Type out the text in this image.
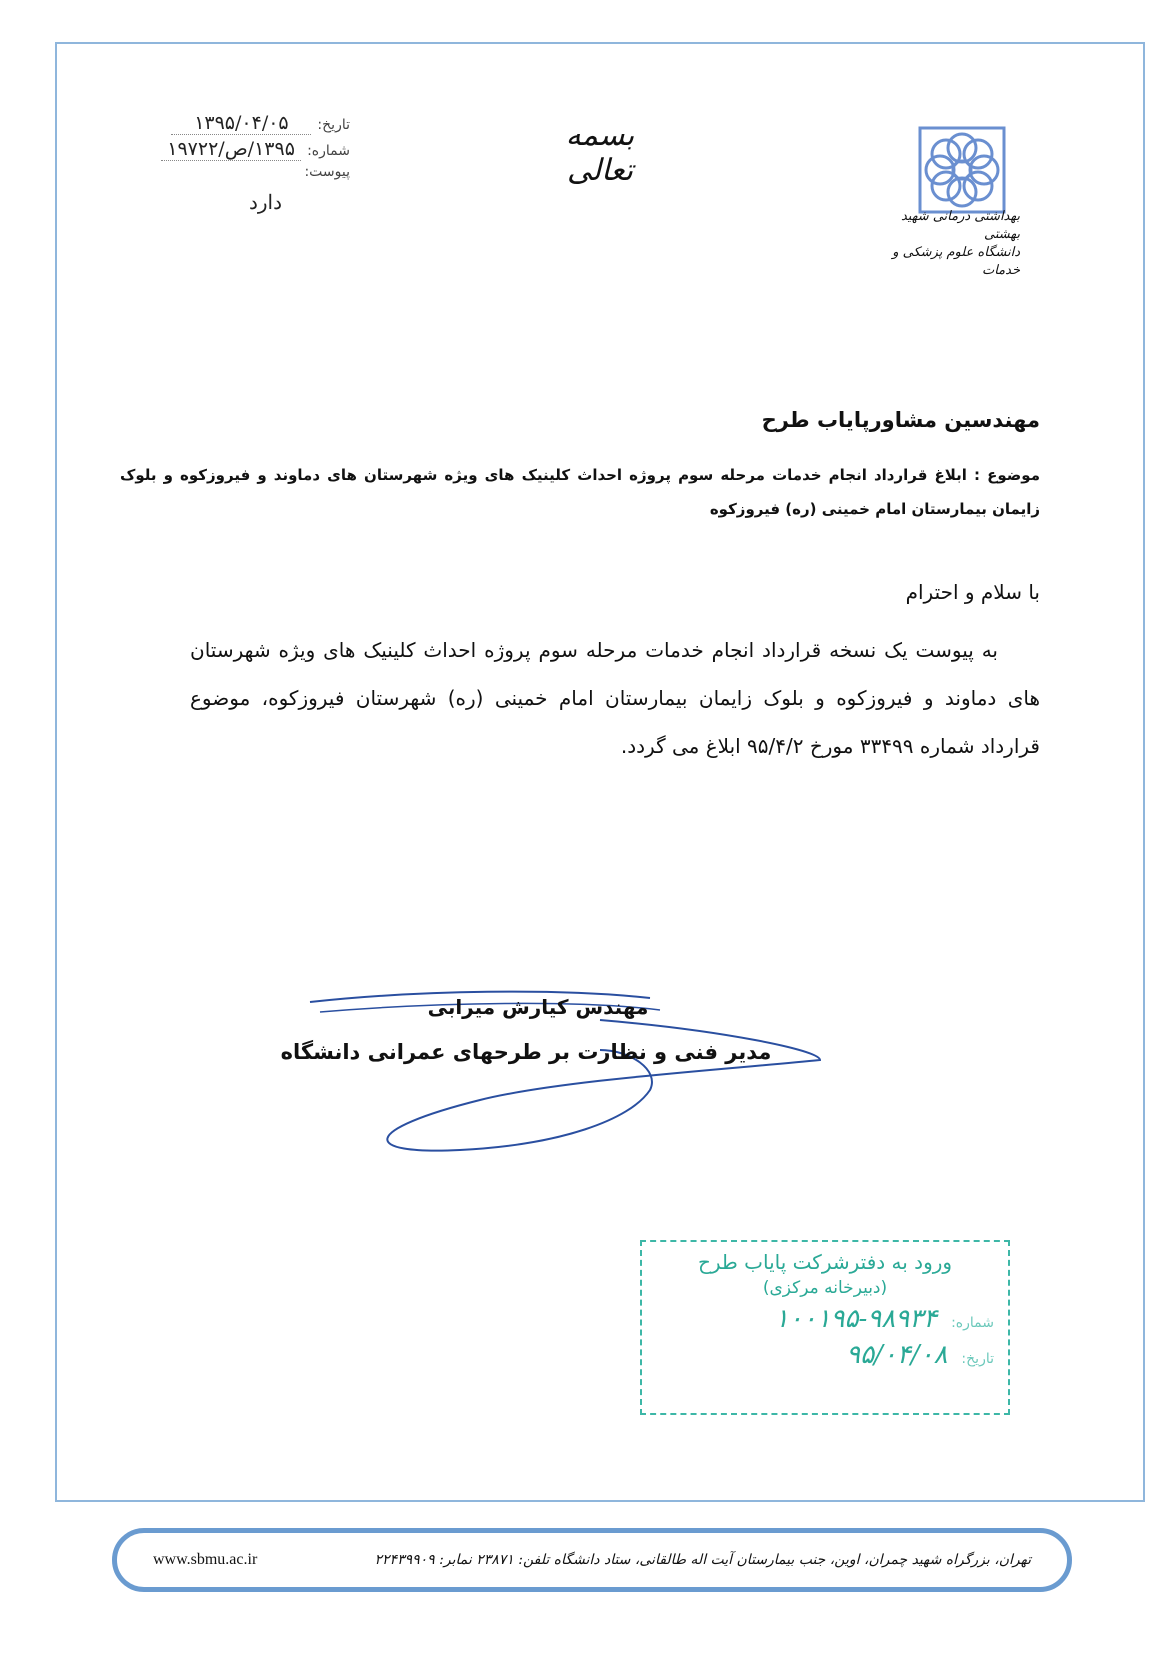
تاریخ:
۱۳۹۵/۰۴/۰۵
شماره:
۱۳۹۵/ص/۱۹۷۲۲
پیوست:
دارد
بسمه تعالی
بهداشتی درمانی شهید بهشتی
دانشگاه علوم پزشکی و خدمات
مهندسین مشاورپایاب طرح
موضوع : ابلاغ قرارداد انجام خدمات مرحله سوم پروژه احداث کلینیک های ویژه شهرستان های دماوند و فیروزکوه و بلوک زایمان بیمارستان امام خمینی (ره) فیروزکوه
با سلام و احترام
به پیوست یک نسخه قرارداد انجام خدمات مرحله سوم پروژه احداث کلینیک های ویژه شهرستان های دماوند و فیروزکوه و بلوک زایمان بیمارستان امام خمینی (ره) شهرستان فیروزکوه، موضوع قرارداد شماره ۳۳۴۹۹ مورخ ۹۵/۴/۲ ابلاغ می گردد.
مهندس کیارش میرابی
مدیر فنی و نظارت بر طرحهای عمرانی دانشگاه
ورود به دفترشرکت پایاب طرح
(دبیرخانه مرکزی)
شماره:
۱۰۰۱۹۵-۹۸۹۳۴
تاریخ:
۹۵/۰۴/۰۸
www.sbmu.ac.ir	تهران، بزرگراه شهید چمران، اوین، جنب بیمارستان آیت اله طالقانی، ستاد دانشگاه تلفن: ۲۳۸۷۱ نمابر: ۲۲۴۳۹۹۰۹
